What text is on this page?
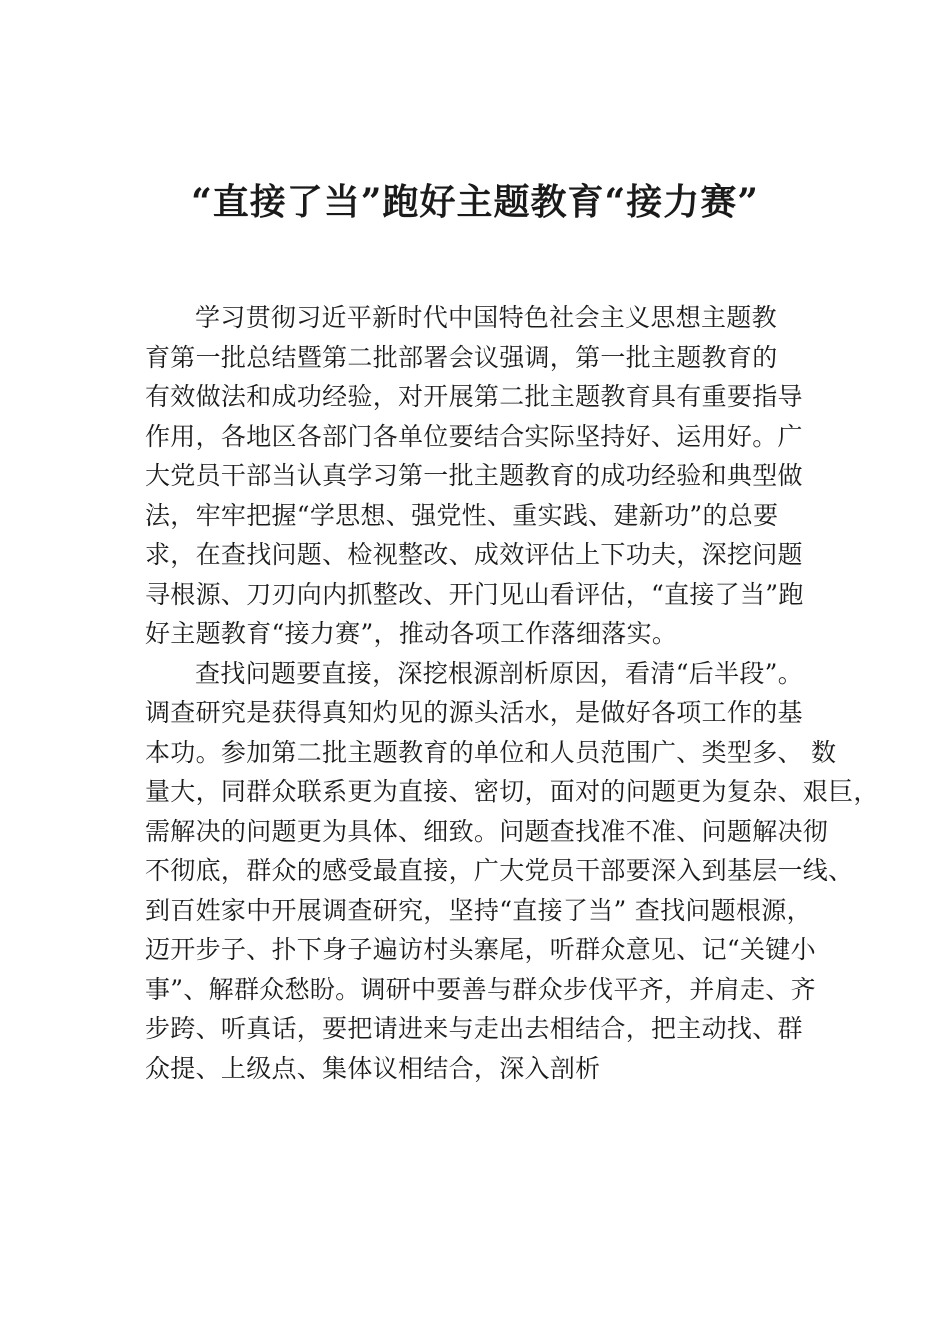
“直接了当”跑好主题教育“接力赛”
学习贯彻习近平新时代中国特色社会主义思想主题教
育第一批总结暨第二批部署会议强调，第一批主题教育的
有效做法和成功经验，对开展第二批主题教育具有重要指导
作用，各地区各部门各单位要结合实际坚持好、运用好。广
大党员干部当认真学习第一批主题教育的成功经验和典型做
法，牢牢把握“学思想、强党性、重实践、建新功”的总要
求，在查找问题、检视整改、成效评估上下功夫，深挖问题
寻根源、刀刃向内抓整改、开门见山看评估，“直接了当”跑
好主题教育“接力赛”，推动各项工作落细落实。
查找问题要直接，深挖根源剖析原因，看清“后半段”。
调查研究是获得真知灼见的源头活水，是做好各项工作的基
本功。参加第二批主题教育的单位和人员范围广、类型多、 数
量大，同群众联系更为直接、密切，面对的问题更为复杂、艰巨，
需解决的问题更为具体、细致。问题查找准不准、问题解决彻
不彻底，群众的感受最直接，广大党员干部要深入到基层一线、
到百姓家中开展调查研究，坚持“直接了当” 查找问题根源，
迈开步子、扑下身子遍访村头寨尾，听群众意见、记“关键小
事”、解群众愁盼。调研中要善与群众步伐平齐，并肩走、齐
步跨、听真话，要把请进来与走出去相结合，把主动找、群
众提、上级点、集体议相结合，深入剖析
